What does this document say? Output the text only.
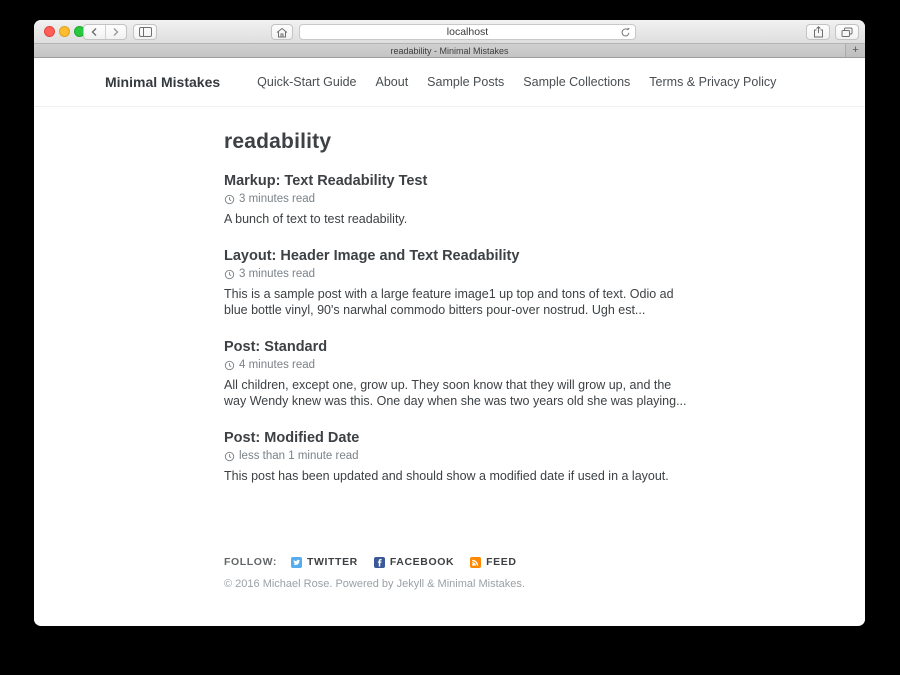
localhost
readability - Minimal Mistakes	+
Minimal Mistakes	Quick-Start Guide About Sample Posts Sample Collections Terms & Privacy Policy
readability
Markup: Text Readability Test

3 minutes read

A bunch of text to test readability.

Layout: Header Image and Text Readability

3 minutes read

This is a sample post with a large feature image1 up top and tons of text. Odio ad blue bottle vinyl, 90's narwhal commodo bitters pour-over nostrud. Ugh est...

Post: Standard

4 minutes read

All children, except one, grow up. They soon know that they will grow up, and the way Wendy knew was this. One day when she was two years old she was playing...

Post: Modified Date

less than 1 minute read

This post has been updated and should show a modified date if used in a layout.

FOLLOW:	TWITTER	FACEBOOK	FEED

© 2016 Michael Rose. Powered by Jekyll & Minimal Mistakes.
